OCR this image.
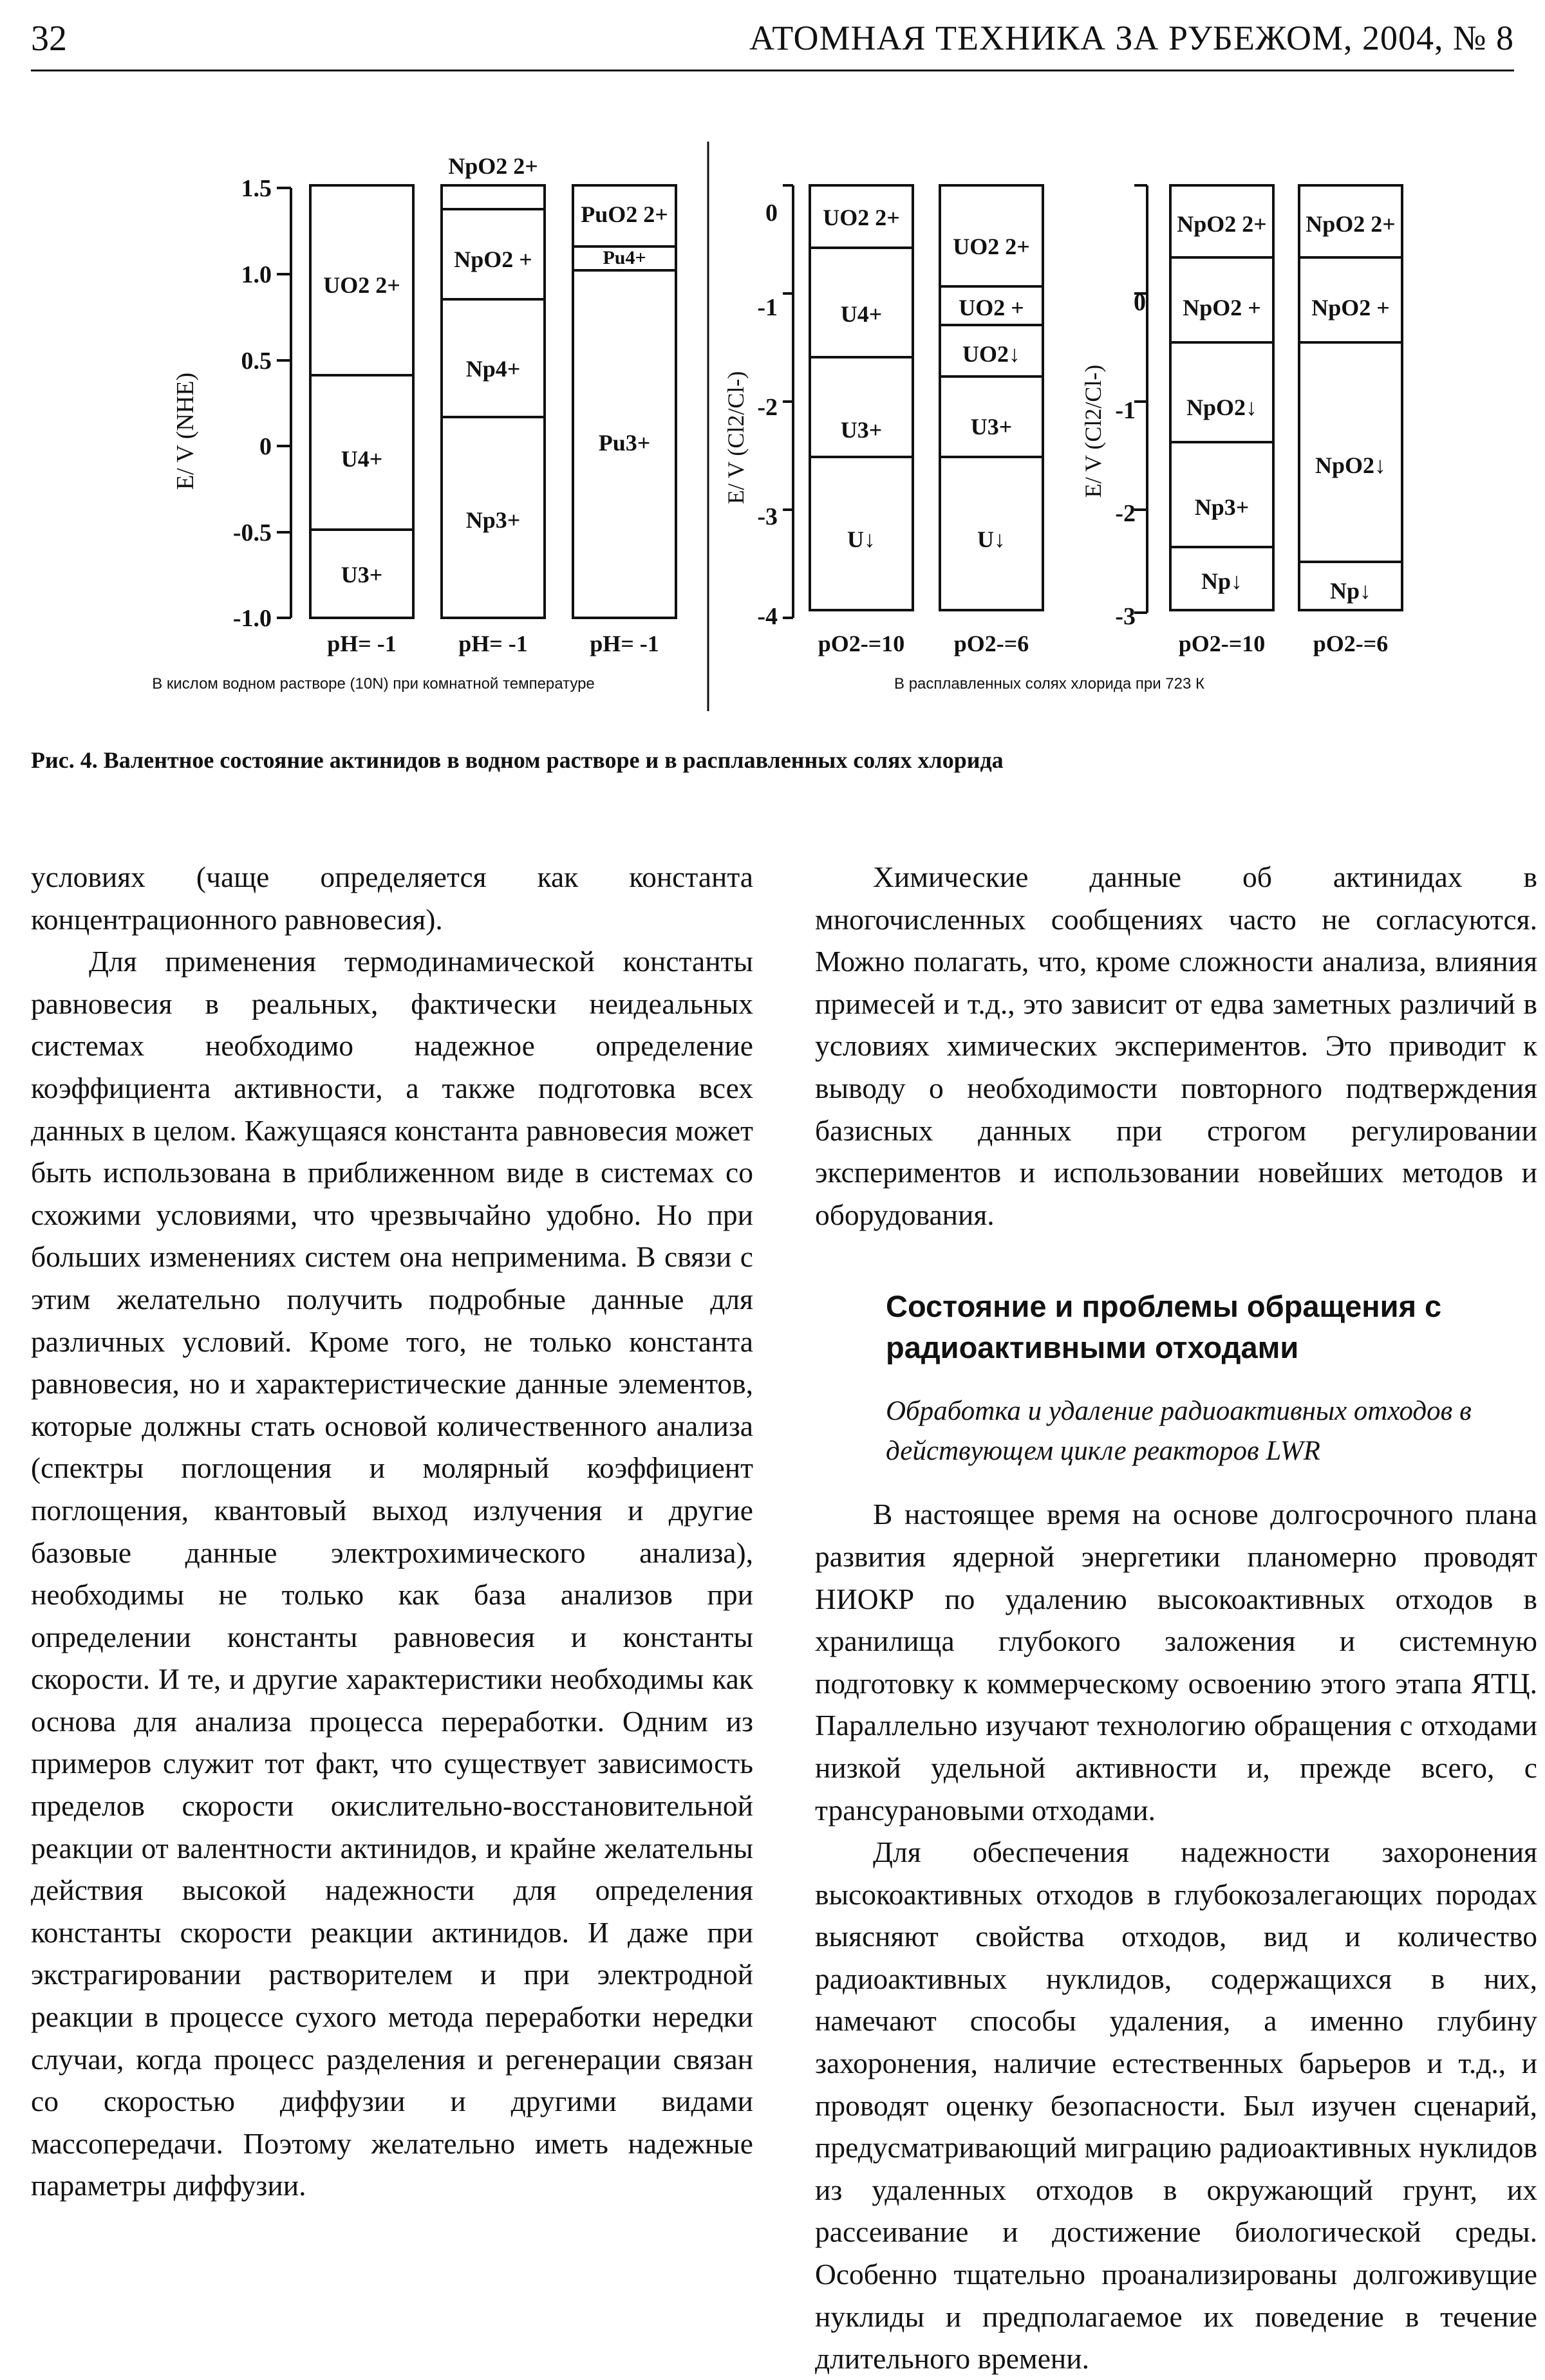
32	АТОМНАЯ ТЕХНИКА ЗА РУБЕЖОМ, 2004, № 8
E/ V (NHE)
1.5
1.0
0.5
0
-0.5
-1.0
NpO2 2+
UO2 2+
U4+
U3+
NpO2 +
Np4+
Np3+
PuO2 2+
Pu4+
Pu3+
pH= -1	pH= -1	pH= -1
В кислом водном растворе (10N) при комнатной температуре
E/ V (Cl2/Cl-)
0
-1
-2
-3
-4
UO2 2+
U4+
U3+
U↓
UO2 2+
UO2 +
UO2↓
U3+
U↓
pO2-=10 pO2-=6
E/ V (Cl2/Cl-)
0
-1
-2
-3
NpO2 2+
NpO2 +
NpO2↓
Np3+
Np↓
NpO2 2+
NpO2 +
NpO2↓
Np↓
pO2-=10 pO2-=6
В расплавленных солях хлорида при 723 К
Рис. 4. Валентное состояние актинидов в водном растворе и в расплавленных солях хлорида

условиях (чаще определяется как константа концентрационного равновесия).

Для применения термодинамической константы равновесия в реальных, фактически неидеальных системах необходимо надежное определение коэффициента активности, а также подготовка всех данных в целом. Кажущаяся константа равновесия может быть использована в приближенном виде в системах со схожими условиями, что чрезвычайно удобно. Но при больших изменениях систем она неприменима. В связи с этим желательно получить подробные данные для различных условий. Кроме того, не только константа равновесия, но и характеристические данные элементов, которые должны стать основой количественного анализа (спектры поглощения и молярный коэффициент поглощения, квантовый выход излучения и другие базовые данные электрохимического анализа), необходимы не только как база анализов при определении константы равновесия и константы скорости. И те, и другие характеристики необходимы как основа для анализа процесса переработки. Одним из примеров служит тот факт, что существует зависимость пределов скорости окислительно-восстановительной реакции от валентности актинидов, и крайне желательны действия высокой надежности для определения константы скорости реакции актинидов. И даже при экстрагировании растворителем и при электродной реакции в процессе сухого метода переработки нередки случаи, когда процесс разделения и регенерации связан со скоростью диффузии и другими видами массопередачи. Поэтому желательно иметь надежные параметры диффузии.

Химические данные об актинидах в многочисленных сообщениях часто не согласуются. Можно полагать, что, кроме сложности анализа, влияния примесей и т.д., это зависит от едва заметных различий в условиях химических экспериментов. Это приводит к выводу о необходимости повторного подтверждения базисных данных при строгом регулировании экспериментов и использовании новейших методов и оборудования.

Состояние и проблемы обращения с радиоактивными отходами

Обработка и удаление радиоактивных отходов в действующем цикле реакторов LWR

В настоящее время на основе долгосрочного плана развития ядерной энергетики планомерно проводят НИОКР по удалению высокоактивных отходов в хранилища глубокого заложения и системную подготовку к коммерческому освоению этого этапа ЯТЦ. Параллельно изучают технологию обращения с отходами низкой удельной активности и, прежде всего, с трансурановыми отходами.

Для обеспечения надежности захоронения высокоактивных отходов в глубокозалегающих породах выясняют свойства отходов, вид и количество радиоактивных нуклидов, содержащихся в них, намечают способы удаления, а именно глубину захоронения, наличие естественных барьеров и т.д., и проводят оценку безопасности. Был изучен сценарий, предусматривающий миграцию радиоактивных нуклидов из удаленных отходов в окружающий грунт, их рассеивание и достижение биологической среды. Особенно тщательно проанализированы долгоживущие нуклиды и предполагаемое их поведение в течение длительного времени.
